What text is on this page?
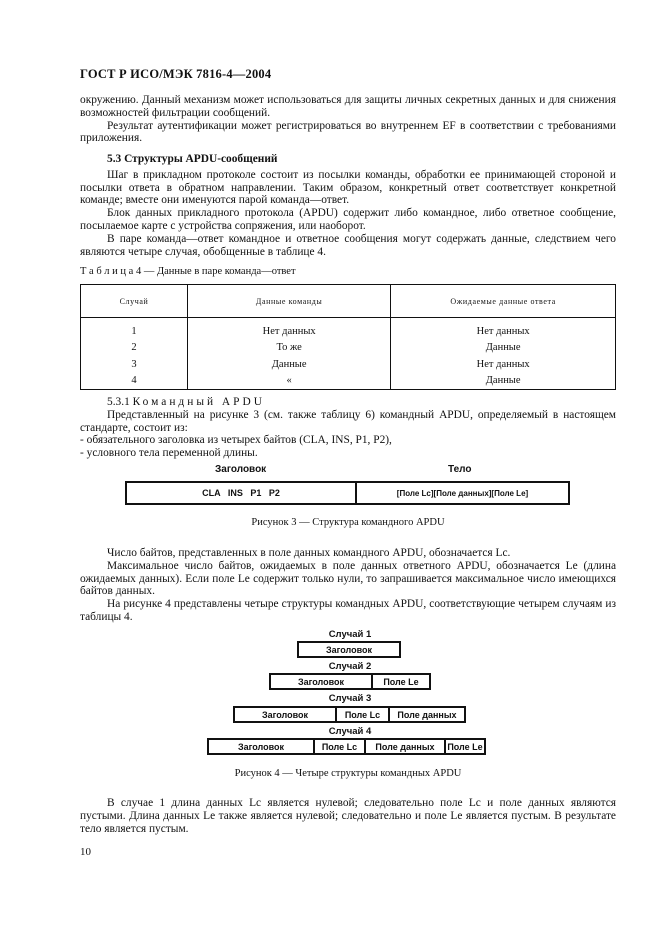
ГОСТ Р ИСО/МЭК 7816-4—2004

окружению. Данный механизм может использоваться для защиты личных секретных данных и для снижения возможностей фильтрации сообщений.

Результат аутентификации может регистрироваться во внутреннем EF в соответствии с требованиями приложения.

5.3 Структуры APDU-сообщений

Шаг в прикладном протоколе состоит из посылки команды, обработки ее принимающей стороной и посылки ответа в обратном направлении. Таким образом, конкретный ответ соответствует конкретной команде; вместе они именуются парой команда—ответ.

Блок данных прикладного протокола (APDU) содержит либо командное, либо ответное сообщение, посылаемое карте с устройства сопряжения, или наоборот.

В паре команда—ответ командное и ответное сообщения могут содержать данные, следствием чего являются четыре случая, обобщенные в таблице 4.

Т а б л и ц а 4 — Данные в паре команда—ответ
Случай	Данные команды	Ожидаемые данные ответа
1	Нет данных	Нет данных
2	То же	Данные
3	Данные	Нет данных
4	«	Данные

5.3.1 Командный APDU

Представленный на рисунке 3 (см. также таблицу 6) командный APDU, определяемый в настоящем стандарте, состоит из:

- обязательного заголовка из четырех байтов (CLA, INS, P1, P2),

- условного тела переменной длины.

Заголовок	Тело
CLA   INS   P1   P2	[Поле Lc][Поле данных][Поле Le]
Рисунок 3 — Структура командного APDU

Число байтов, представленных в поле данных командного APDU, обозначается Lc.

Максимальное число байтов, ожидаемых в поле данных ответного APDU, обозначается Le (длина ожидаемых данных). Если поле Le содержит только нули, то запрашивается максимальное число имеющихся байтов данных.

На рисунке 4 представлены четыре структуры командных APDU, соответствующие четырем случаям из таблицы 4.

Случай 1
Заголовок
Случай 2
Заголовок	Поле Le
Случай 3
Заголовок	Поле Lc	Поле данных
Случай 4
Заголовок	Поле Lc	Поле данных	Поле Le
Рисунок 4 — Четыре структуры командных APDU

В случае 1 длина данных Lc является нулевой; следовательно поле Lc и поле данных являются пустыми. Длина данных Le также является нулевой; следовательно и поле Le является пустым. В результате тело является пустым.

10
